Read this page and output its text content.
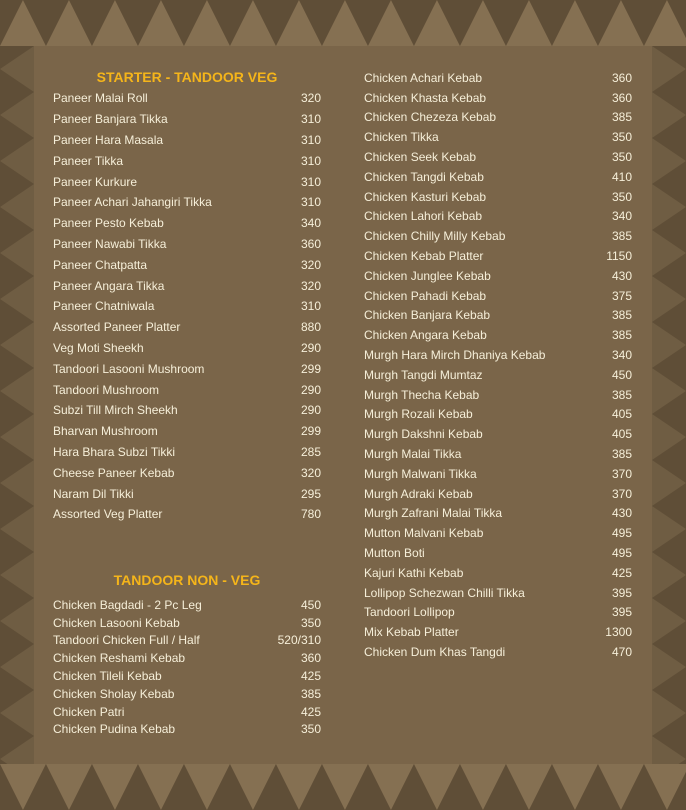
STARTER - TANDOOR VEG
Paneer Malai Roll	320
Paneer Banjara Tikka	310
Paneer Hara Masala	310
Paneer Tikka	310
Paneer Kurkure	310
Paneer Achari Jahangiri Tikka	310
Paneer Pesto Kebab	340
Paneer Nawabi Tikka	360
Paneer Chatpatta	320
Paneer Angara Tikka	320
Paneer Chatniwala	310
Assorted Paneer Platter	880
Veg Moti Sheekh	290
Tandoori Lasooni Mushroom	299
Tandoori Mushroom	290
Subzi Till Mirch Sheekh	290
Bharvan Mushroom	299
Hara Bhara Subzi Tikki	285
Cheese Paneer Kebab	320
Naram Dil Tikki	295
Assorted Veg Platter	780
TANDOOR NON - VEG
Chicken Bagdadi - 2 Pc Leg	450
Chicken Lasooni Kebab	350
Tandoori Chicken Full / Half	520/310
Chicken Reshami Kebab	360
Chicken Tileli Kebab	425
Chicken Sholay Kebab	385
Chicken Patri	425
Chicken Pudina Kebab	350
Chicken Achari Kebab	360
Chicken Khasta Kebab	360
Chicken Chezeza Kebab	385
Chicken Tikka	350
Chicken Seek Kebab	350
Chicken Tangdi Kebab	410
Chicken Kasturi Kebab	350
Chicken Lahori Kebab	340
Chicken Chilly Milly Kebab	385
Chicken Kebab Platter	1150
Chicken Junglee Kebab	430
Chicken Pahadi Kebab	375
Chicken Banjara Kebab	385
Chicken Angara Kebab	385
Murgh Hara Mirch Dhaniya Kebab	340
Murgh Tangdi Mumtaz	450
Murgh Thecha Kebab	385
Murgh Rozali Kebab	405
Murgh Dakshni Kebab	405
Murgh Malai Tikka	385
Murgh Malwani Tikka	370
Murgh Adraki Kebab	370
Murgh Zafrani Malai Tikka	430
Mutton Malvani Kebab	495
Mutton Boti	495
Kajuri Kathi Kebab	425
Lollipop Schezwan Chilli Tikka	395
Tandoori Lollipop	395
Mix Kebab Platter	1300
Chicken Dum Khas Tangdi	470
